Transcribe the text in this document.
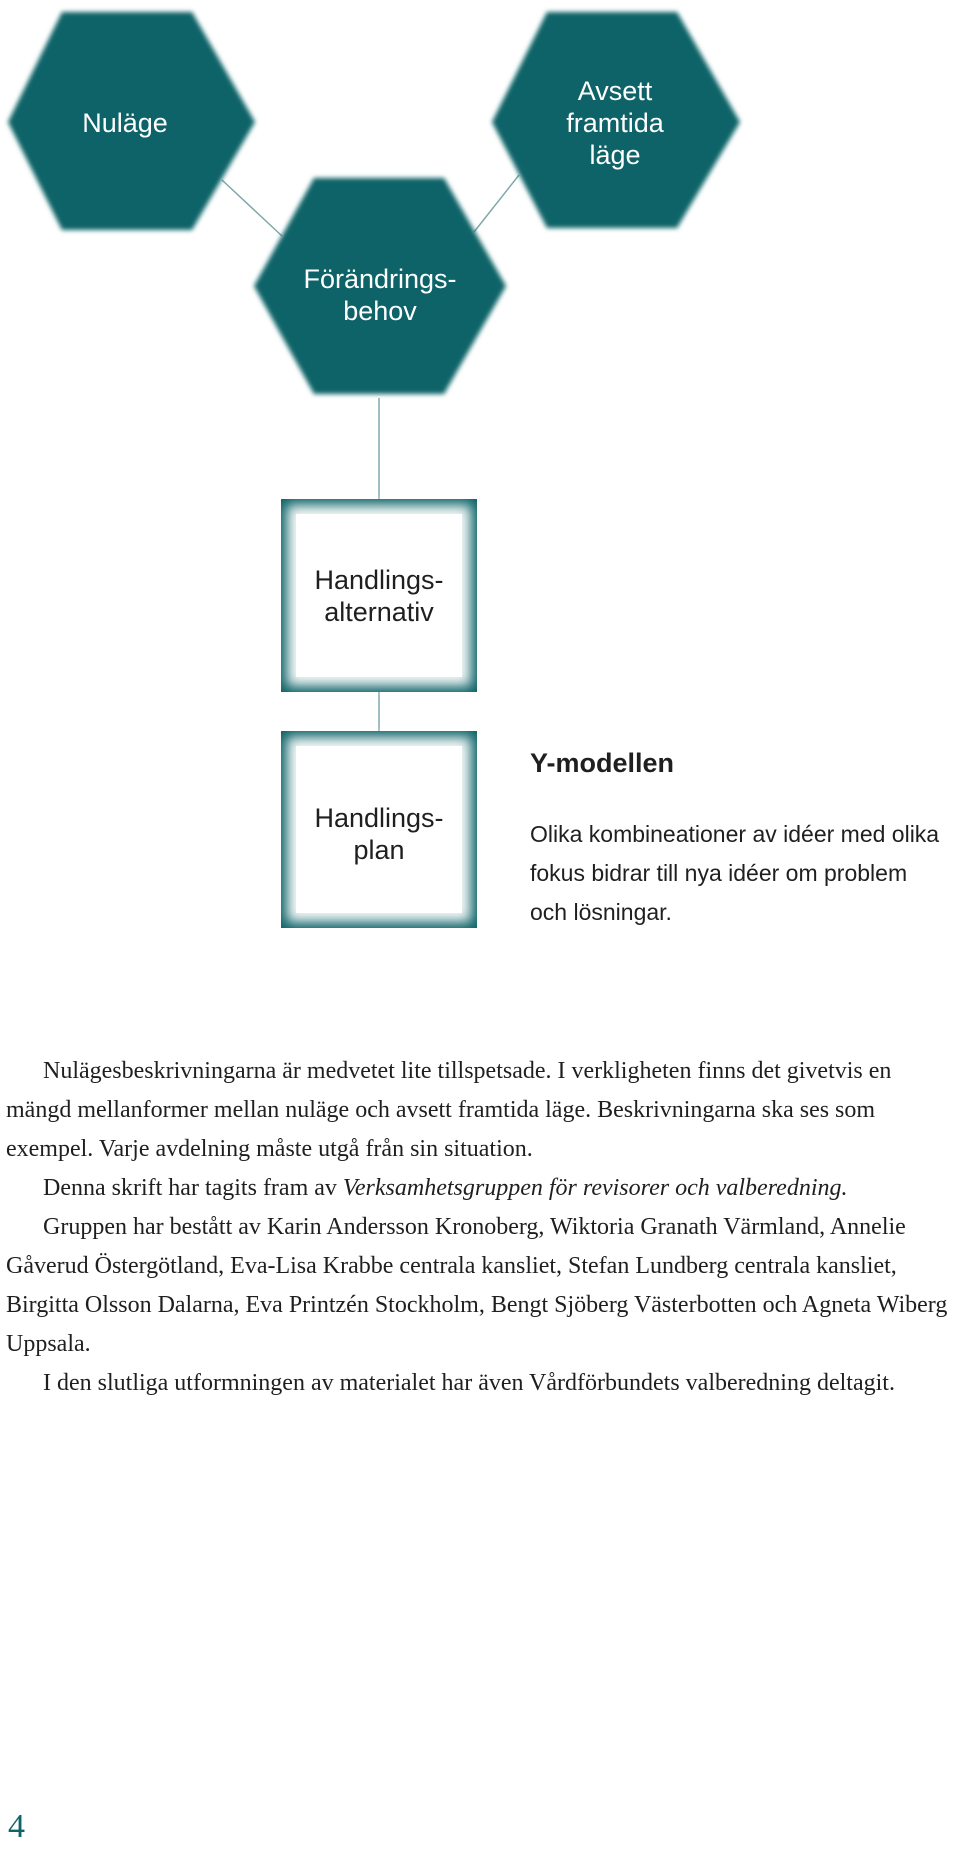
Nuläge
Avsett
framtida
läge
Förändrings-
behov
Handlings-
alternativ
Handlings-
plan
Y-modellen
Olika kombineationer av idéer med olika fokus bidrar till nya idéer om problem och lösningar.

Nulägesbeskrivningarna är medvetet lite tillspetsade. I verkligheten finns det givetvis en mängd mellanformer mellan nuläge och avsett framtida läge. Beskrivningarna ska ses som exempel. Varje avdelning måste utgå från sin situation.

Denna skrift har tagits fram av Verksamhetsgruppen för revisorer och valberedning.

Gruppen har bestått av Karin Andersson Kronoberg, Wiktoria Granath Värmland, Annelie Gåverud Östergötland, Eva-Lisa Krabbe centrala kansliet, Stefan Lundberg centrala kansliet, Birgitta Olsson Dalarna, Eva Printzén Stockholm, Bengt Sjöberg Västerbotten och Agneta Wiberg Uppsala.

I den slutliga utformningen av materialet har även Vårdförbundets valberedning deltagit.

4
